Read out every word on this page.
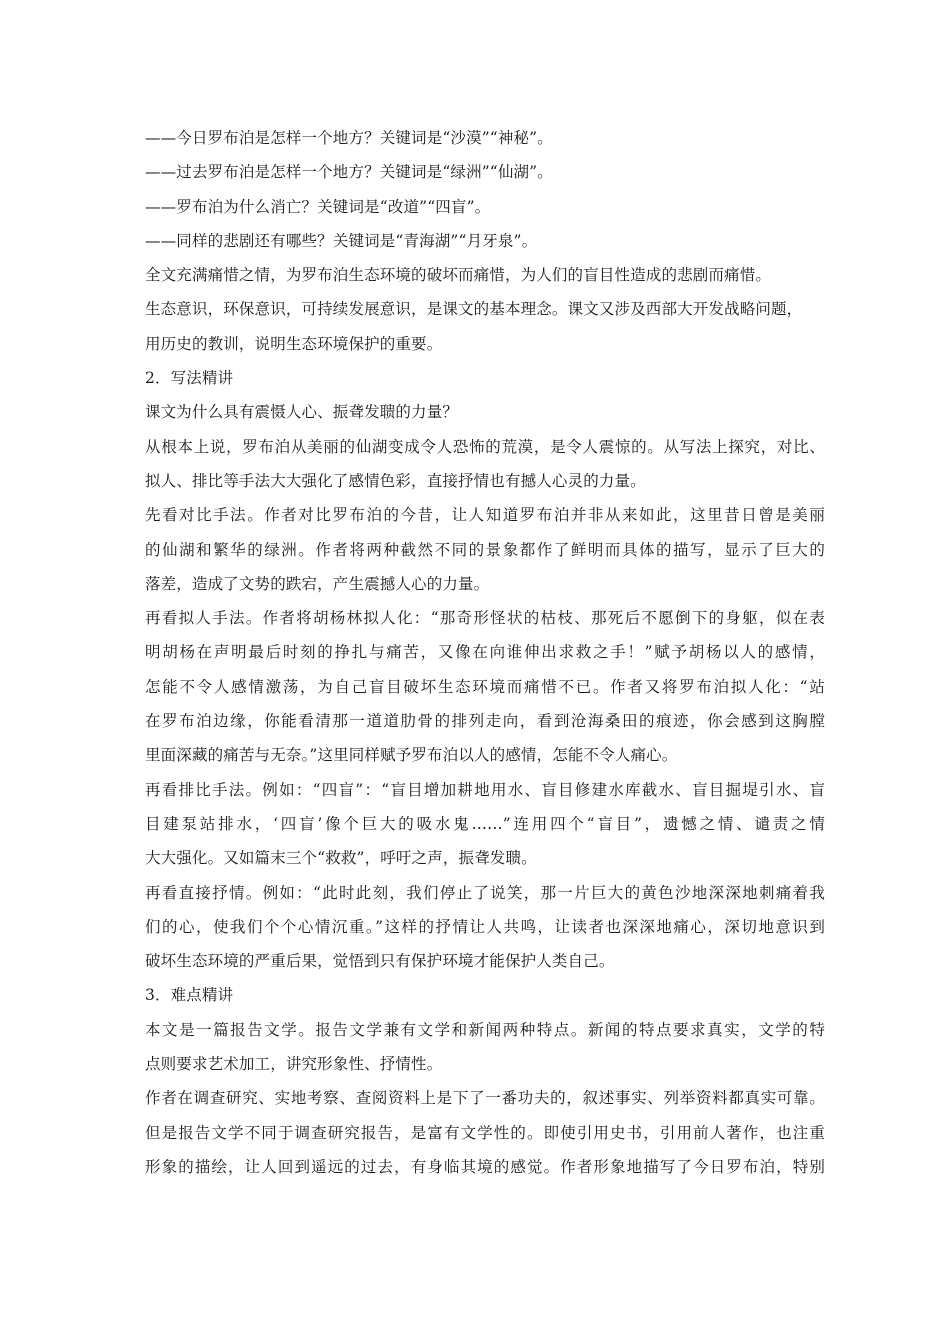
——今日罗布泊是怎样一个地方？关键词是“沙漠”“神秘”。
——过去罗布泊是怎样一个地方？关键词是“绿洲”“仙湖”。
——罗布泊为什么消亡？关键词是“改道”“四盲”。
——同样的悲剧还有哪些？关键词是“青海湖”“月牙泉”。
全文充满痛惜之情，为罗布泊生态环境的破坏而痛惜，为人们的盲目性造成的悲剧而痛惜。
生态意识，环保意识，可持续发展意识，是课文的基本理念。课文又涉及西部大开发战略问题，
用历史的教训，说明生态环境保护的重要。
2．写法精讲
课文为什么具有震慑人心、振聋发聩的力量？
从根本上说，罗布泊从美丽的仙湖变成令人恐怖的荒漠，是令人震惊的。从写法上探究，对比、
拟人、排比等手法大大强化了感情色彩，直接抒情也有撼人心灵的力量。
先看对比手法。作者对比罗布泊的今昔，让人知道罗布泊并非从来如此，这里昔日曾是美丽
的仙湖和繁华的绿洲。作者将两种截然不同的景象都作了鲜明而具体的描写，显示了巨大的
落差，造成了文势的跌宕，产生震撼人心的力量。
再看拟人手法。作者将胡杨林拟人化：“那奇形怪状的枯枝、那死后不愿倒下的身躯，似在表
明胡杨在声明最后时刻的挣扎与痛苦，又像在向谁伸出求救之手！”赋予胡杨以人的感情，
怎能不令人感情激荡，为自己盲目破坏生态环境而痛惜不已。作者又将罗布泊拟人化：“站
在罗布泊边缘，你能看清那一道道肋骨的排列走向，看到沧海桑田的痕迹，你会感到这胸膛
里面深藏的痛苦与无奈。”这里同样赋予罗布泊以人的感情，怎能不令人痛心。
再看排比手法。例如：“四盲”：“盲目增加耕地用水、盲目修建水库截水、盲目掘堤引水、盲
目建泵站排水，‘四盲’像个巨大的吸水鬼……”连用四个“盲目”，遗憾之情、谴责之情
大大强化。又如篇末三个“救救”，呼吁之声，振聋发聩。
再看直接抒情。例如：“此时此刻，我们停止了说笑，那一片巨大的黄色沙地深深地刺痛着我
们的心，使我们个个心情沉重。”这样的抒情让人共鸣，让读者也深深地痛心，深切地意识到
破坏生态环境的严重后果，觉悟到只有保护环境才能保护人类自己。
3．难点精讲
本文是一篇报告文学。报告文学兼有文学和新闻两种特点。新闻的特点要求真实，文学的特
点则要求艺术加工，讲究形象性、抒情性。
作者在调查研究、实地考察、查阅资料上是下了一番功夫的，叙述事实、列举资料都真实可靠。
但是报告文学不同于调查研究报告，是富有文学性的。即使引用史书，引用前人著作，也注重
形象的描绘，让人回到遥远的过去，有身临其境的感觉。作者形象地描写了今日罗布泊，特别
